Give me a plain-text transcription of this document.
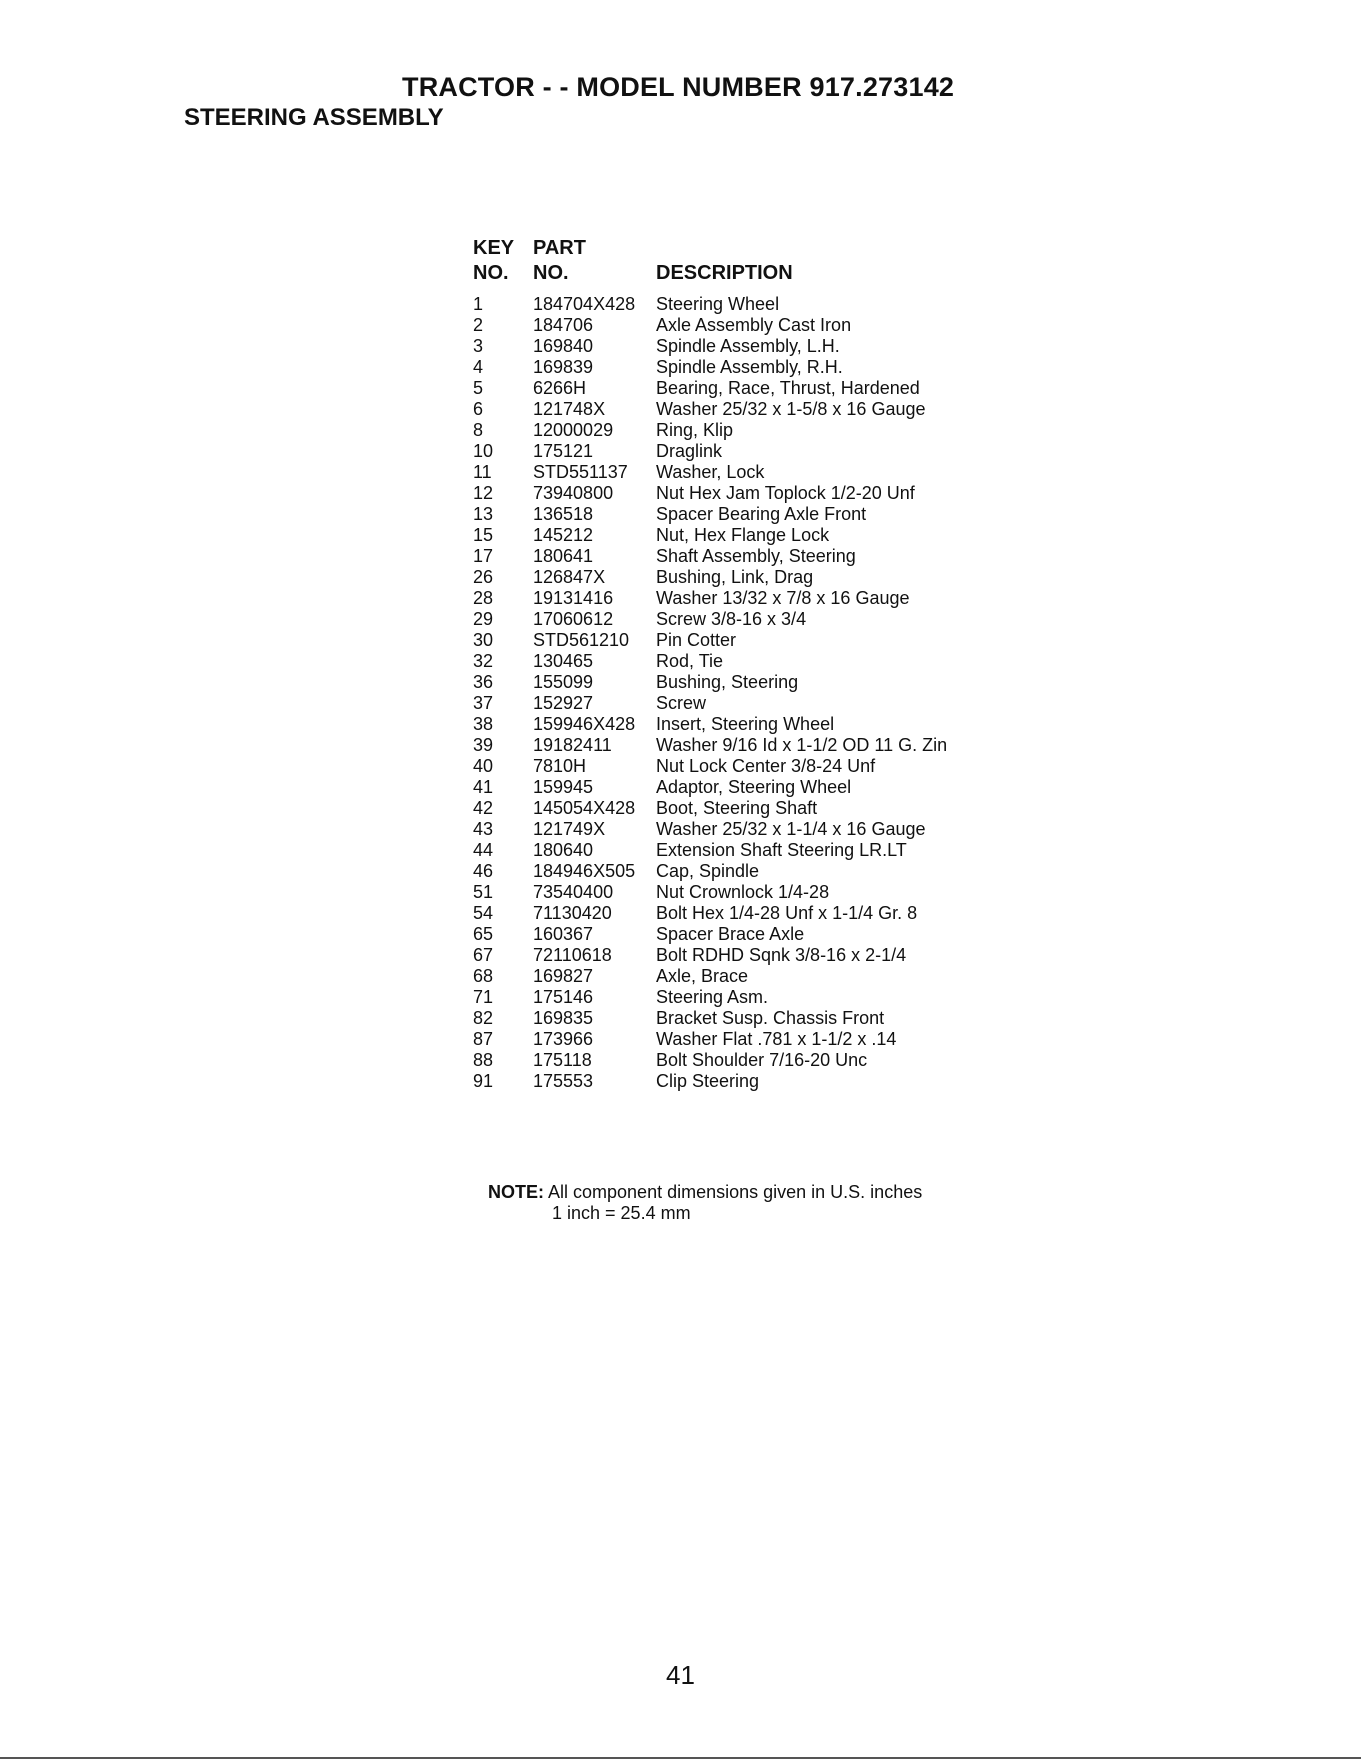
TRACTOR - - MODEL NUMBER 917.273142
STEERING ASSEMBLY
KEY PART
NO.	NO.	DESCRIPTION
1	184704X428	Steering Wheel
2	184706	Axle Assembly Cast Iron
3	169840	Spindle Assembly, L.H.
4	169839	Spindle Assembly, R.H.
5	6266H	Bearing, Race, Thrust, Hardened
6	121748X	Washer 25/32 x 1-5/8 x 16 Gauge
8	12000029	Ring, Klip
10	175121	Draglink
11	STD551137	Washer, Lock
12	73940800	Nut Hex Jam Toplock 1/2-20 Unf
13	136518	Spacer Bearing Axle Front
15	145212	Nut, Hex Flange Lock
17	180641	Shaft Assembly, Steering
26	126847X	Bushing, Link, Drag
28	19131416	Washer 13/32 x 7/8 x 16 Gauge
29	17060612	Screw 3/8-16 x 3/4
30	STD561210	Pin Cotter
32	130465	Rod, Tie
36	155099	Bushing, Steering
37	152927	Screw
38	159946X428	Insert, Steering Wheel
39	19182411	Washer 9/16 Id x 1-1/2 OD 11 G. Zin
40	7810H	Nut Lock Center 3/8-24 Unf
41	159945	Adaptor, Steering Wheel
42	145054X428	Boot, Steering Shaft
43	121749X	Washer 25/32 x 1-1/4 x 16 Gauge
44	180640	Extension Shaft Steering LR.LT
46	184946X505	Cap, Spindle
51	73540400	Nut Crownlock 1/4-28
54	71130420	Bolt Hex 1/4-28 Unf x 1-1/4 Gr. 8
65	160367	Spacer Brace Axle
67	72110618	Bolt RDHD Sqnk 3/8-16 x 2-1/4
68	169827	Axle, Brace
71	175146	Steering Asm.
82	169835	Bracket Susp. Chassis Front
87	173966	Washer Flat .781 x 1-1/2 x .14
88	175118	Bolt Shoulder 7/16-20 Unc
91	175553	Clip Steering
NOTE: All component dimensions given in U.S. inches
1 inch = 25.4 mm
41
